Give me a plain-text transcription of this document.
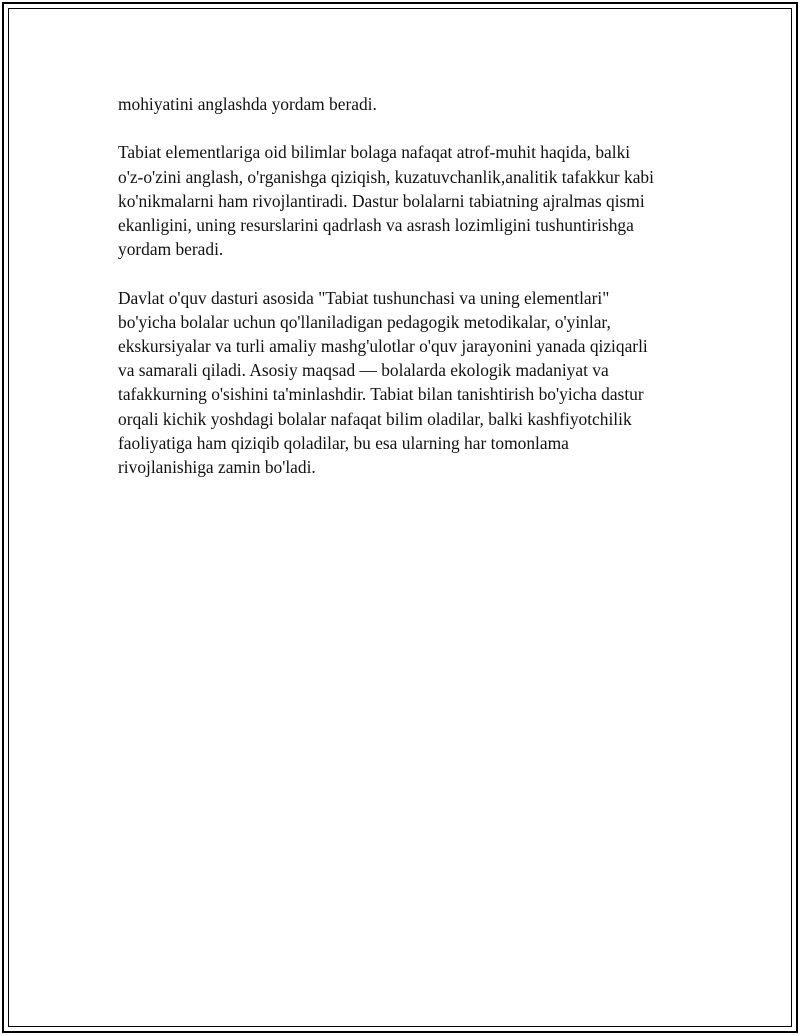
mohiyatini anglashda yordam beradi.

Tabiat elementlariga oid bilimlar bolaga nafaqat atrof-muhit haqida, balki
o'z-o'zini anglash, o'rganishga qiziqish, kuzatuvchanlik,analitik tafakkur kabi
ko'nikmalarni ham rivojlantiradi. Dastur bolalarni tabiatning ajralmas qismi
ekanligini, uning resurslarini qadrlash va asrash lozimligini tushuntirishga
yordam beradi.

Davlat o'quv dasturi asosida "Tabiat tushunchasi va uning elementlari"
bo'yicha bolalar uchun qo'llaniladigan pedagogik metodikalar, o'yinlar,
ekskursiyalar va turli amaliy mashg'ulotlar o'quv jarayonini yanada qiziqarli
va samarali qiladi. Asosiy maqsad — bolalarda ekologik madaniyat va
tafakkurning o'sishini ta'minlashdir. Tabiat bilan tanishtirish bo'yicha dastur
orqali kichik yoshdagi bolalar nafaqat bilim oladilar, balki kashfiyotchilik
faoliyatiga ham qiziqib qoladilar, bu esa ularning har tomonlama
rivojlanishiga zamin bo'ladi.
